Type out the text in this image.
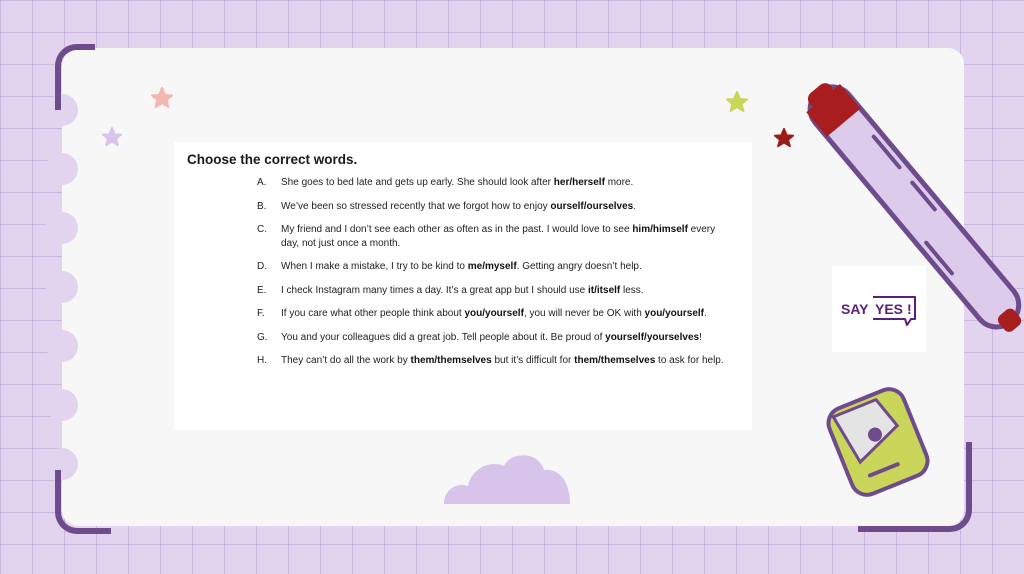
Choose the correct words.
A.	She goes to bed late and gets up early. She should look after her/herself more.
B.	We’ve been so stressed recently that we forgot how to enjoy ourself/ourselves.
C.	My friend and I don’t see each other as often as in the past. I would love to see him/himself every day, not just once a month.
D.	When I make a mistake, I try to be kind to me/myself. Getting angry doesn’t help.
E.	I check Instagram many times a day. It’s a great app but I should use it/itself less.
F.	If you care what other people think about you/yourself, you will never be OK with you/yourself.
G.	You and your colleagues did a great job. Tell people about it. Be proud of yourself/yourselves!
H.	They can’t do all the work by them/themselves but it’s difficult for them/themselves to ask for help.
SAY YES !
